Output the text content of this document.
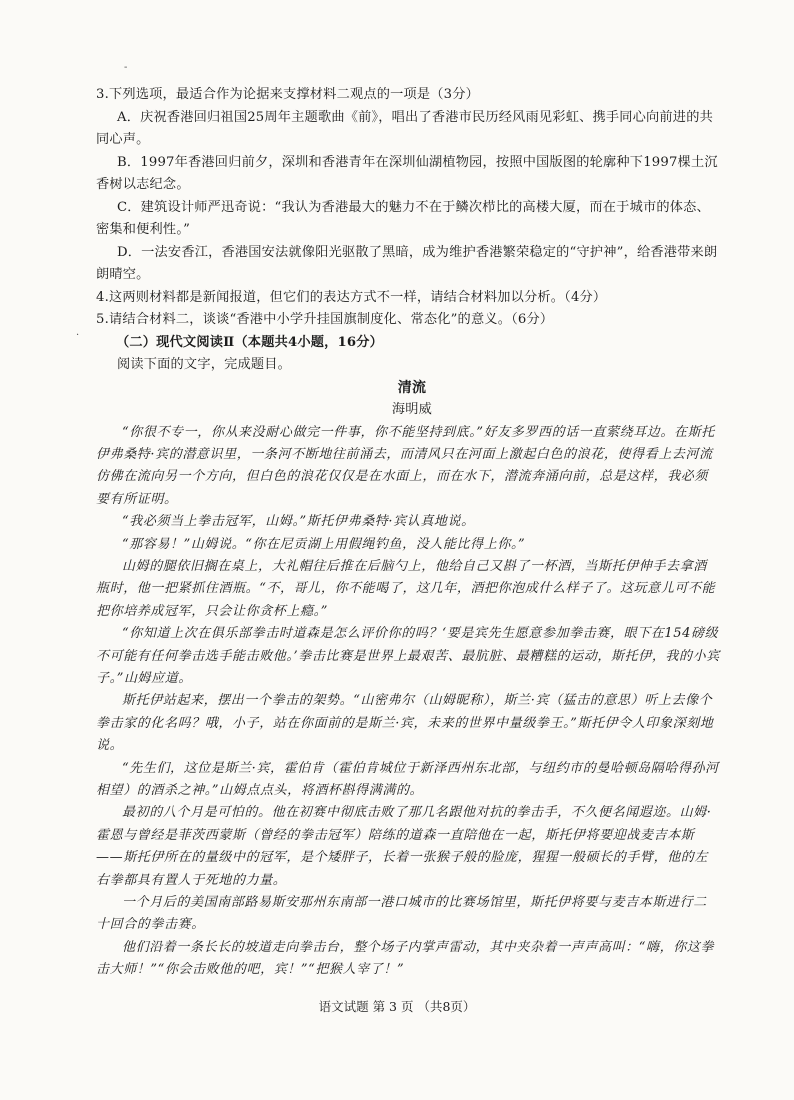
-
·

3.下列选项，最适合作为论据来支撑材料二观点的一项是（3分）

A．庆祝香港回归祖国25周年主题歌曲《前》，唱出了香港市民历经风雨见彩虹、携手同心向前进的共同心声。

B．1997年香港回归前夕，深圳和香港青年在深圳仙湖植物园，按照中国版图的轮廓种下1997棵土沉香树以志纪念。

C．建筑设计师严迅奇说：“我认为香港最大的魅力不在于鳞次栉比的高楼大厦，而在于城市的体态、密集和便利性。”

D．一法安香江，香港国安法就像阳光驱散了黑暗，成为维护香港繁荣稳定的“守护神”，给香港带来朗朗晴空。

4.这两则材料都是新闻报道，但它们的表达方式不一样，请结合材料加以分析。（4分）

5.请结合材料二，谈谈“香港中小学升挂国旗制度化、常态化”的意义。（6分）

（二）现代文阅读Ⅱ（本题共4小题，16分）

阅读下面的文字，完成题目。

清流

海明威

“你很不专一，你从来没耐心做完一件事，你不能坚持到底。”好友多罗西的话一直萦绕耳边。在斯托伊弗桑特·宾的潜意识里，一条河不断地往前涌去，而清风只在河面上激起白色的浪花，使得看上去河流仿佛在流向另一个方向，但白色的浪花仅仅是在水面上，而在水下，潜流奔涌向前，总是这样，我必须要有所证明。

“我必须当上拳击冠军，山姆。”斯托伊弗桑特·宾认真地说。

“那容易！”山姆说。“你在尼贡湖上用假绳钓鱼，没人能比得上你。”

山姆的腿依旧搁在桌上，大礼帽往后推在后脑勺上，他给自己又斟了一杯酒，当斯托伊伸手去拿酒瓶时，他一把紧抓住酒瓶。“不，哥儿，你不能喝了，这几年，酒把你泡成什么样子了。这玩意儿可不能把你培养成冠军，只会让你贪杯上瘾。”

“你知道上次在俱乐部拳击时道森是怎么评价你的吗？‘要是宾先生愿意参加拳击赛，眼下在154磅级不可能有任何拳击选手能击败他。’拳击比赛是世界上最艰苦、最肮脏、最糟糕的运动，斯托伊，我的小宾子。”山姆应道。

斯托伊站起来，摆出一个拳击的架势。“山密弗尔（山姆昵称），斯兰·宾（猛击的意思）听上去像个拳击家的化名吗？哦，小子，站在你面前的是斯兰·宾，未来的世界中量级拳王。”斯托伊令人印象深刻地说。

“先生们，这位是斯兰·宾，霍伯肯（霍伯肯城位于新泽西州东北部，与纽约市的曼哈顿岛隔哈得孙河相望）的酒杀之神。”山姆点点头，将酒杯斟得满满的。

最初的八个月是可怕的。他在初赛中彻底击败了那几名跟他对抗的拳击手，不久便名闻遐迩。山姆·霍恩与曾经是菲茨西蒙斯（曾经的拳击冠军）陪练的道森一直陪他在一起，斯托伊将要迎战麦吉本斯——斯托伊所在的量级中的冠军，是个矮胖子，长着一张猴子般的脸庞，猩猩一般硕长的手臂，他的左右拳都具有置人于死地的力量。

一个月后的美国南部路易斯安那州东南部一港口城市的比赛场馆里，斯托伊将要与麦吉本斯进行二十回合的拳击赛。

他们沿着一条长长的坡道走向拳击台，整个场子内掌声雷动，其中夹杂着一声声高叫：“嗨，你这拳击大师！”“你会击败他的吧，宾！”“把猴人宰了！”

语文试题 第 3 页 （共8页）
